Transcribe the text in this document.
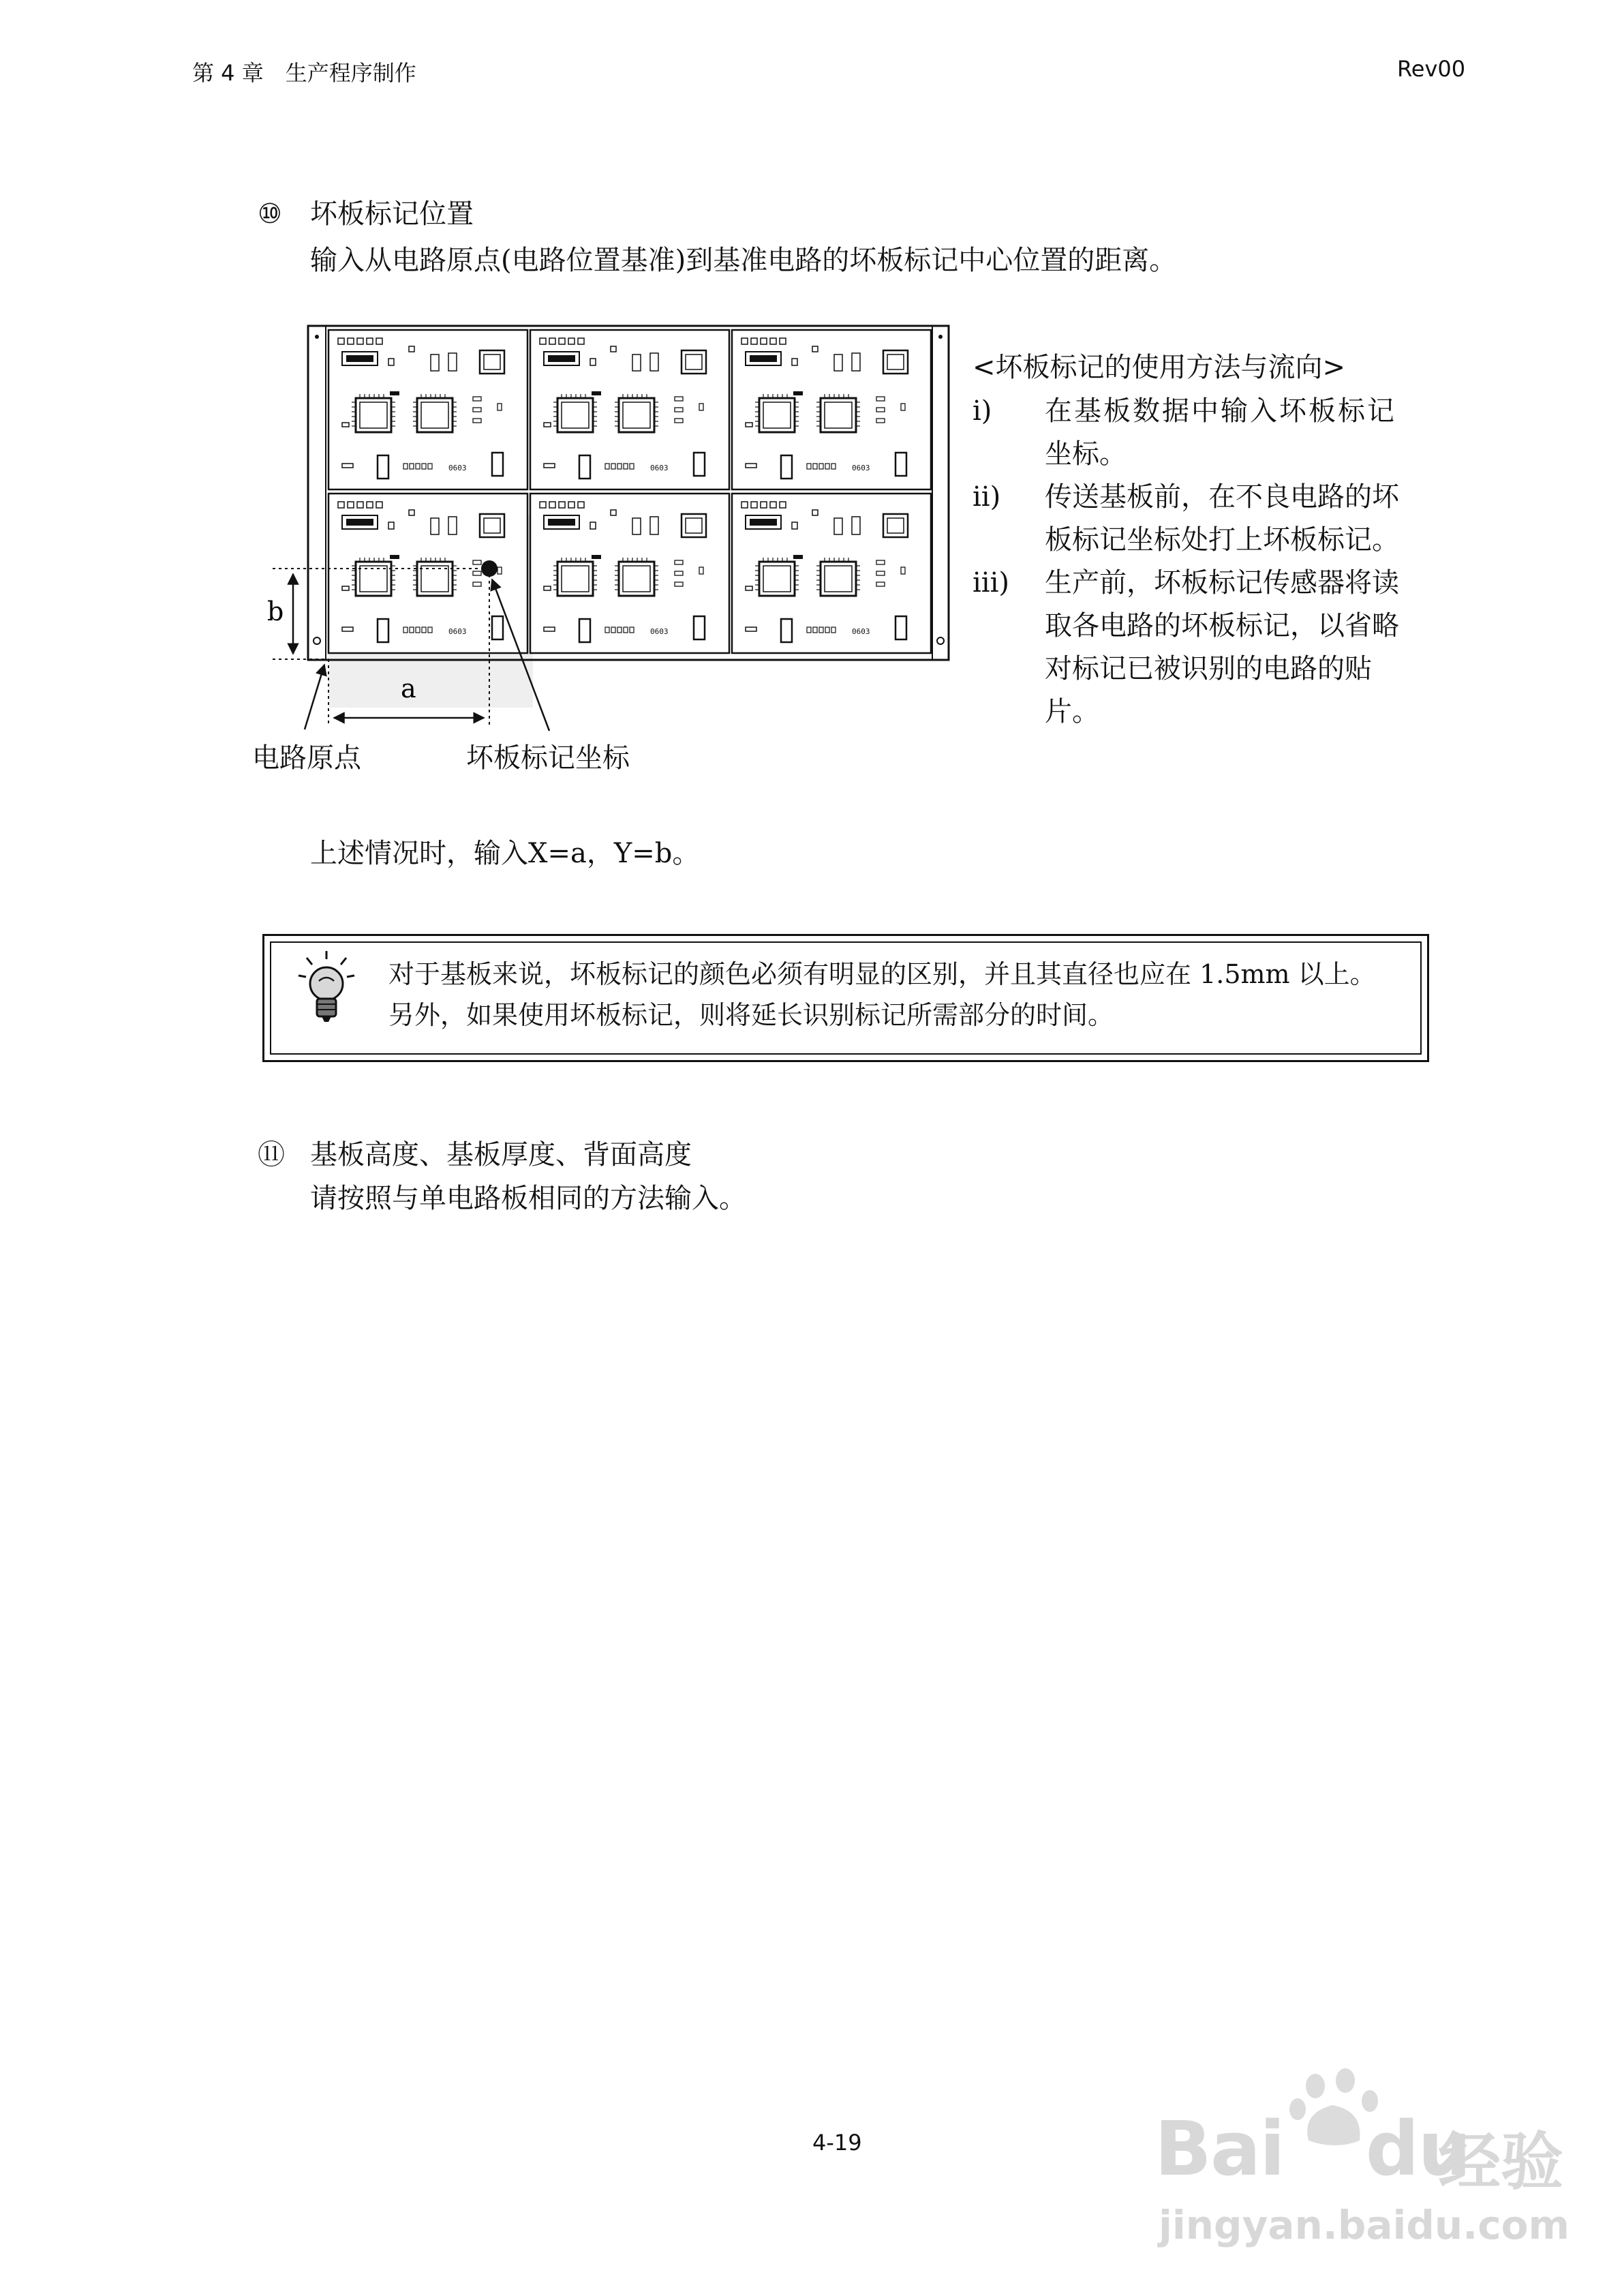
第 4 章　生产程序制作	Rev00
⑩ 坏板标记位置
输入从电路原点(电路位置基准)到基准电路的坏板标记中心位置的距离。
0603	0603	0603
0603	0603	0603
b
a
电路原点	坏板标记坐标
<坏板标记的使用方法与流向>
i) 在基板数据中输入坏板标记
坐标。
ii) 传送基板前，在不良电路的坏
板标记坐标处打上坏板标记。
iii) 生产前，坏板标记传感器将读
取各电路的坏板标记，以省略
对标记已被识别的电路的贴
片。
上述情况时，输入X=a，Y=b。
对于基板来说，坏板标记的颜色必须有明显的区别，并且其直径也应在 1.5mm 以上。
另外，如果使用坏板标记，则将延长识别标记所需部分的时间。
⑪ 基板高度、基板厚度、背面高度
请按照与单电路板相同的方法输入。
4-19	Bai du
经验
jingyan.baidu.com
